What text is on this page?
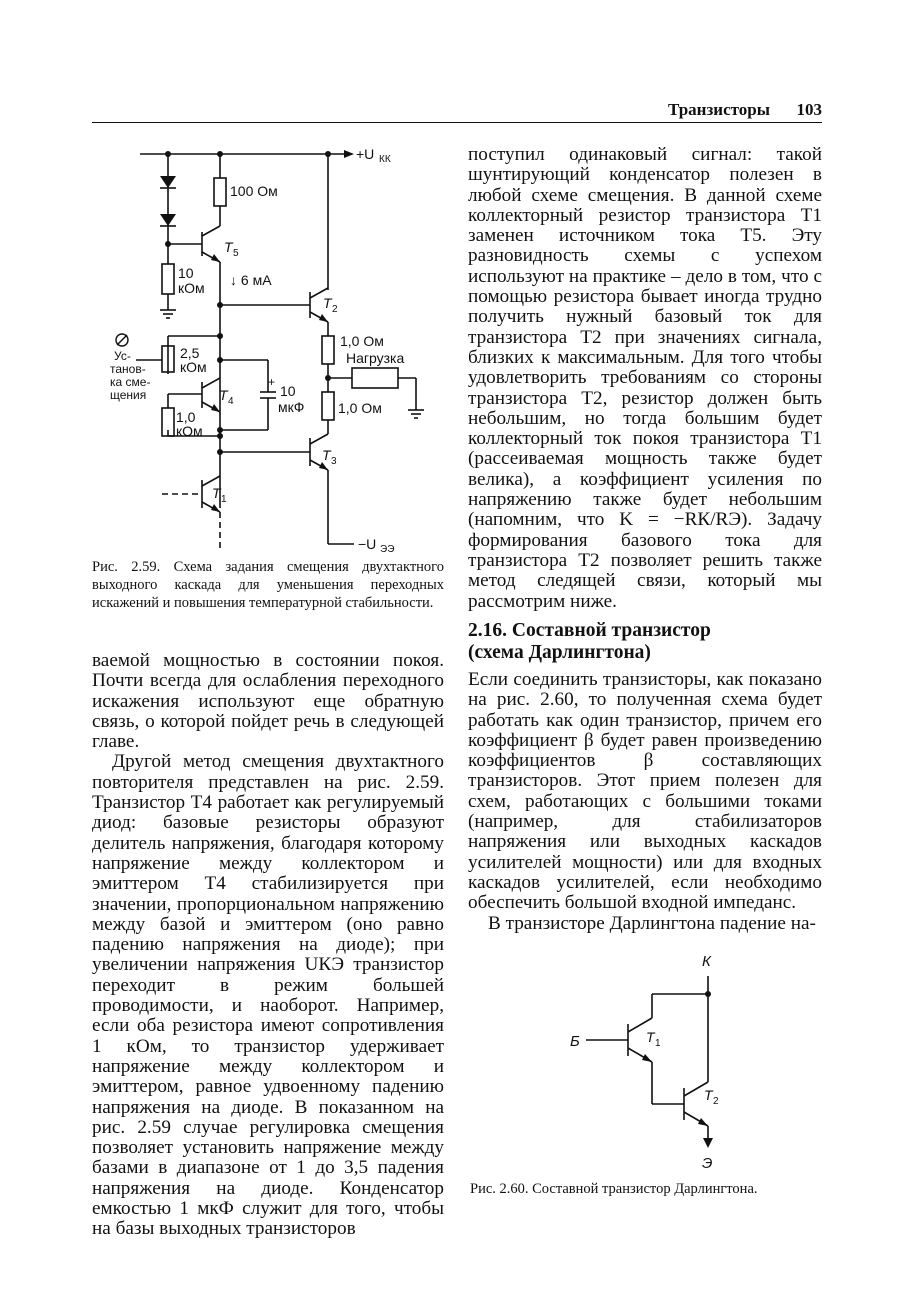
Транзисторы 103
+U КК
100 Ом
T 5
10
кОм ↓ 6 мА
T 2
2,5
кОм
Ус-
танов-
ка сме-
щения
1,0
кОм
T 4
+
10
мкФ
1,0 Ом
Нагрузка
1,0 Ом
T 3
T 1
−U ЭЭ
Рис. 2.59. Схема задания смещения двухтактного выходного каскада для уменьшения переходных искажений и повышения температурной стабильности.

ваемой мощностью в состоянии покоя. Почти всегда для ослабления переходного искажения используют еще обратную связь, о которой пойдет речь в следующей главе.

Другой метод смещения двухтактного повторителя представлен на рис. 2.59. Транзистор T4 работает как регулируемый диод: базовые резисторы образуют делитель напряжения, благодаря которому напряжение между коллектором и эмиттером T4 стабилизируется при значении, пропорциональном напряжению между базой и эмиттером (оно равно падению напряжения на диоде); при увеличении напряжения UКЭ транзистор переходит в режим большей проводимости, и наоборот. Например, если оба резистора имеют сопротивления 1 кОм, то транзистор удерживает напряжение между коллектором и эмиттером, равное удвоенному падению напряжения на диоде. В показанном на рис. 2.59 случае регулировка смещения позволяет установить напряжение между базами в диапазоне от 1 до 3,5 падения напряжения на диоде. Конденсатор емкостью 1 мкФ служит для того, чтобы на базы выходных транзисторов

поступил одинаковый сигнал: такой шунтирующий конденсатор полезен в любой схеме смещения. В данной схеме коллекторный резистор транзистора T1 заменен источником тока T5. Эту разновидность схемы с успехом используют на практике – дело в том, что с помощью резистора бывает иногда трудно получить нужный базовый ток для транзистора T2 при значениях сигнала, близких к максимальным. Для того чтобы удовлетворить требованиям со стороны транзистора T2, резистор должен быть небольшим, но тогда большим будет коллекторный ток покоя транзистора T1 (рассеиваемая мощность также будет велика), а коэффициент усиления по напряжению также будет небольшим (напомним, что K = −RК/RЭ). Задачу формирования базового тока для транзистора T2 позволяет решить также метод следящей связи, который мы рассмотрим ниже.

2.16. Составной транзистор
(схема Дарлингтона)

Если соединить транзисторы, как показано на рис. 2.60, то полученная схема будет работать как один транзистор, причем его коэффициент β будет равен произведению коэффициентов β составляющих транзисторов. Этот прием полезен для схем, работающих с большими токами (например, для стабилизаторов напряжения или выходных каскадов усилителей мощности) или для входных каскадов усилителей, если необходимо обеспечить большой входной импеданс.

В транзисторе Дарлингтона падение на-

К
Б
Э
T 1
T 2
Рис. 2.60. Составной транзистор Дарлингтона.
